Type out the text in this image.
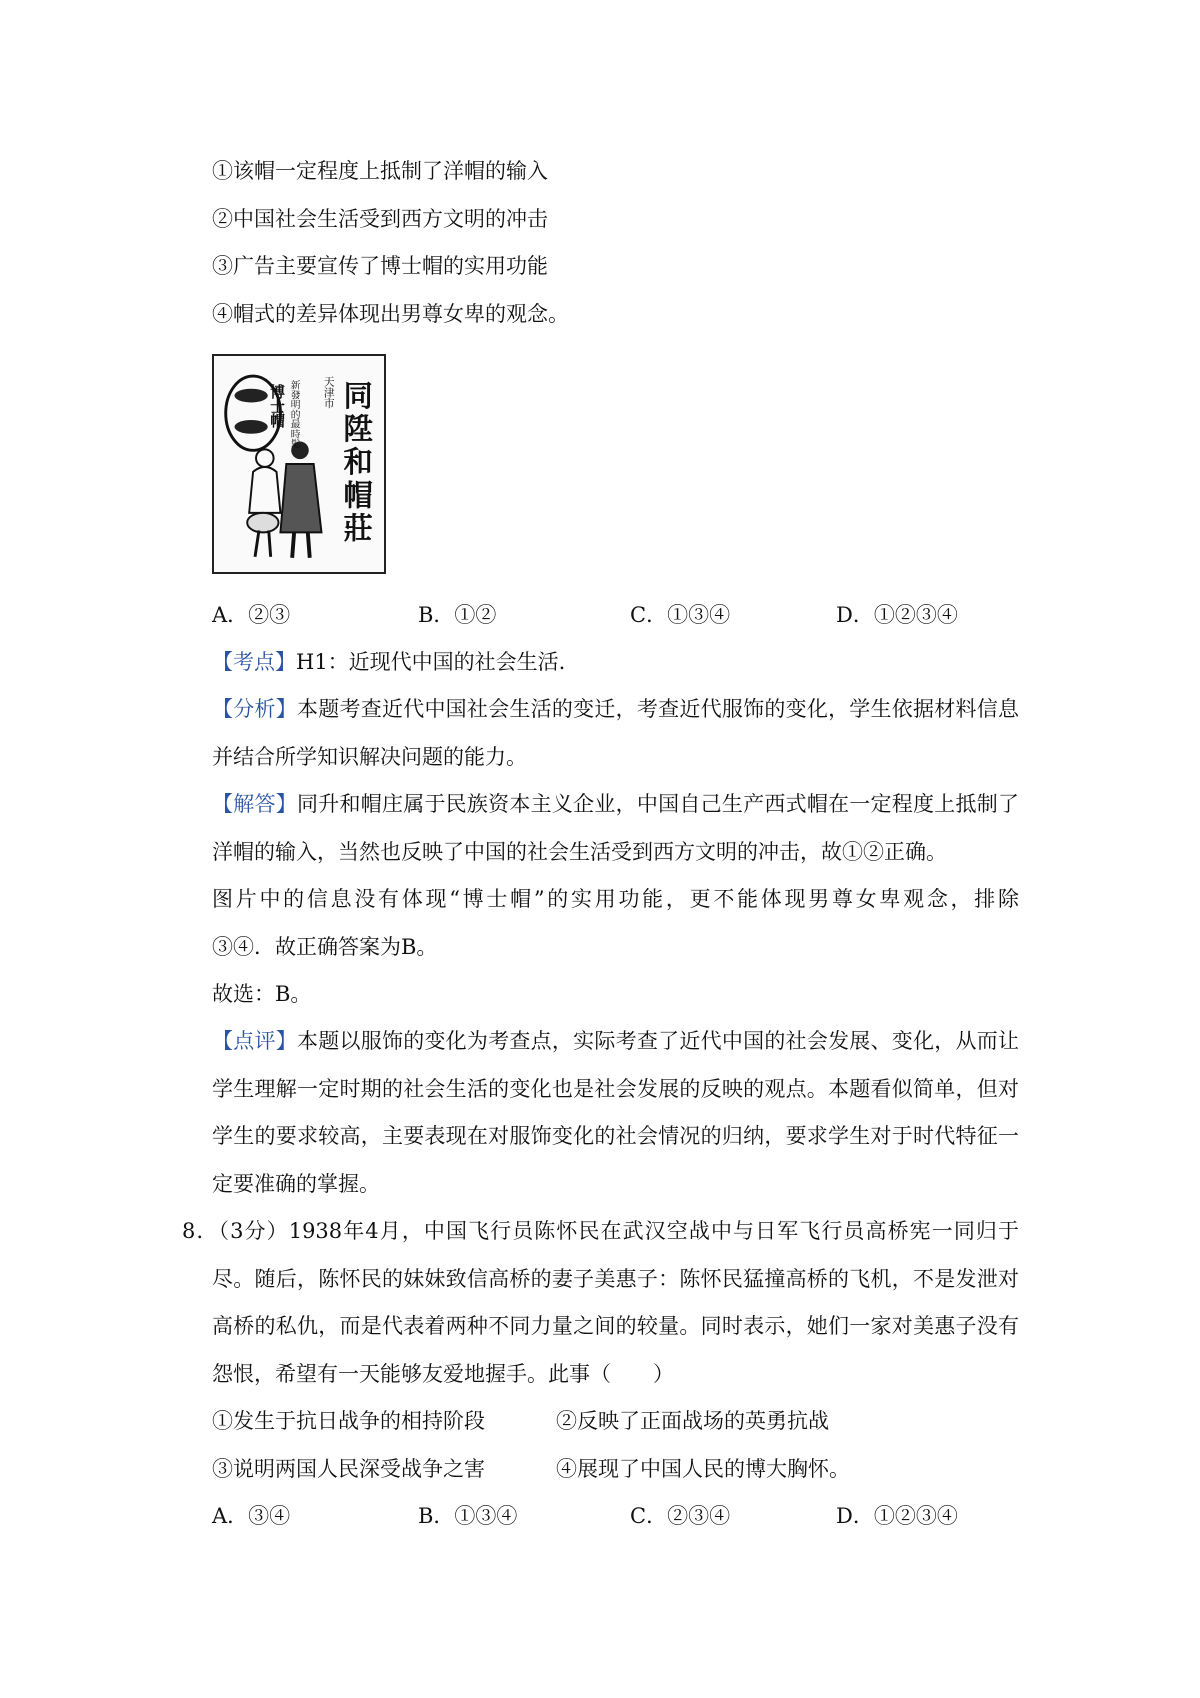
①该帽一定程度上抵制了洋帽的输入
②中国社会生活受到西方文明的冲击
③广告主要宣传了博士帽的实用功能
④帽式的差异体现出男尊女卑的观念。
博士帽 新發明的最時髦 天津市 同陞和帽莊
A．②③	B．①②	C．①③④	D．①②③④
【考点】H1：近现代中国的社会生活.
【分析】本题考查近代中国社会生活的变迁，考查近代服饰的变化，学生依据材料信息
并结合所学知识解决问题的能力。
【解答】同升和帽庄属于民族资本主义企业，中国自己生产西式帽在一定程度上抵制了
洋帽的输入，当然也反映了中国的社会生活受到西方文明的冲击，故①②正确。
图片中的信息没有体现“博士帽”的实用功能，更不能体现男尊女卑观念，排除
③④．故正确答案为B。
故选：B。
【点评】本题以服饰的变化为考查点，实际考查了近代中国的社会发展、变化，从而让
学生理解一定时期的社会生活的变化也是社会发展的反映的观点。本题看似简单，但对
学生的要求较高，主要表现在对服饰变化的社会情况的归纳，要求学生对于时代特征一
定要准确的掌握。
8．（3分）1938年4月，中国飞行员陈怀民在武汉空战中与日军飞行员高桥宪一同归于
尽。随后，陈怀民的妹妹致信高桥的妻子美惠子：陈怀民猛撞高桥的飞机，不是发泄对
高桥的私仇，而是代表着两种不同力量之间的较量。同时表示，她们一家对美惠子没有
怨恨，希望有一天能够友爱地握手。此事（　　）
①发生于抗日战争的相持阶段	②反映了正面战场的英勇抗战
③说明两国人民深受战争之害	④展现了中国人民的博大胸怀。
A．③④	B．①③④	C．②③④	D．①②③④
